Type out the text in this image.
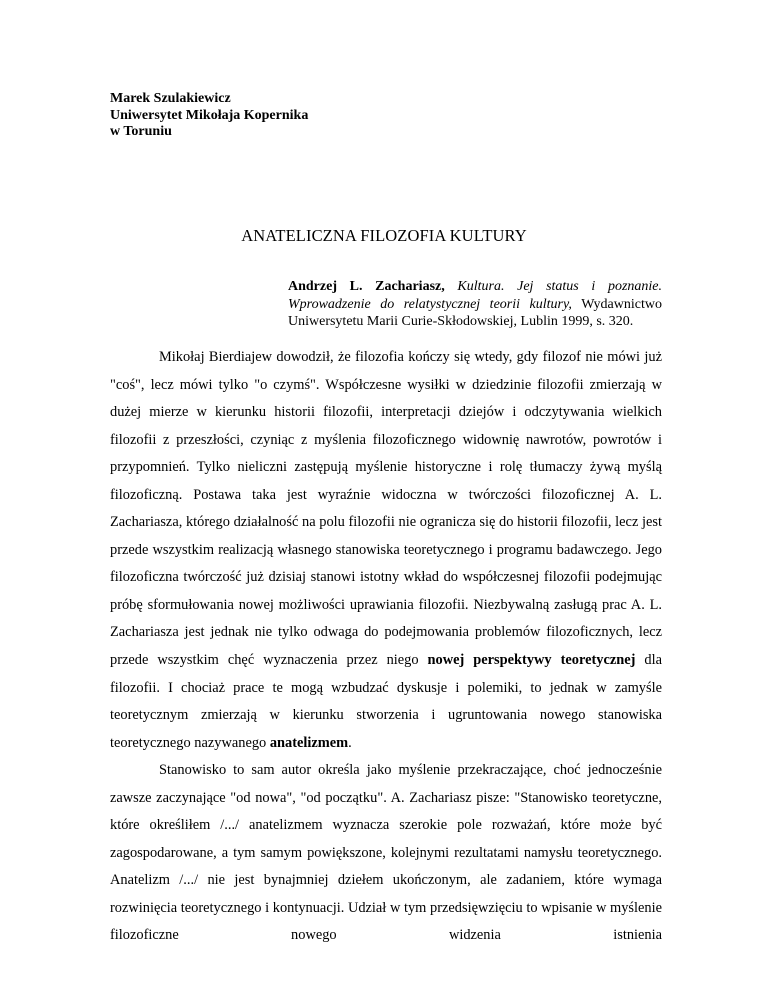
Marek Szulakiewicz
Uniwersytet Mikołaja Kopernika
w Toruniu
ANATELICZNA FILOZOFIA KULTURY
Andrzej L. Zachariasz, Kultura. Jej status i poznanie. Wprowadzenie do relatystycznej teorii kultury, Wydawnictwo Uniwersytetu Marii Curie-Skłodowskiej, Lublin 1999, s. 320.

Mikołaj Bierdiajew dowodził, że filozofia kończy się wtedy, gdy filozof nie mówi już "coś", lecz mówi tylko "o czymś". Współczesne wysiłki w dziedzinie filozofii zmierzają w dużej mierze w kierunku historii filozofii, interpretacji dziejów i odczytywania wielkich filozofii z przeszłości, czyniąc z myślenia filozoficznego widownię nawrotów, powrotów i przypomnień. Tylko nieliczni zastępują myślenie historyczne i rolę tłumaczy żywą myślą filozoficzną. Postawa taka jest wyraźnie widoczna w twórczości filozoficznej A. L. Zachariasza, którego działalność na polu filozofii nie ogranicza się do historii filozofii, lecz jest przede wszystkim realizacją własnego stanowiska teoretycznego i programu badawczego. Jego filozoficzna twórczość już dzisiaj stanowi istotny wkład do współczesnej filozofii podejmując próbę sformułowania nowej możliwości uprawiania filozofii. Niezbywalną zasługą prac A. L. Zachariasza jest jednak nie tylko odwaga do podejmowania problemów filozoficznych, lecz przede wszystkim chęć wyznaczenia przez niego nowej perspektywy teoretycznej dla filozofii. I chociaż prace te mogą wzbudzać dyskusje i polemiki, to jednak w zamyśle teoretycznym zmierzają w kierunku stworzenia i ugruntowania nowego stanowiska teoretycznego nazywanego anatelizmem.

Stanowisko to sam autor określa jako myślenie przekraczające, choć jednocześnie zawsze zaczynające "od nowa", "od początku". A. Zachariasz pisze: "Stanowisko teoretyczne, które określiłem /.../ anatelizmem wyznacza szerokie pole rozważań, które może być zagospodarowane, a tym samym powiększone, kolejnymi rezultatami namysłu teoretycznego. Anatelizm /.../ nie jest bynajmniej dziełem ukończonym, ale zadaniem, które wymaga rozwinięcia teoretycznego i kontynuacji. Udział w tym przedsięwzięciu to wpisanie w myślenie filozoficzne nowego widzenia istnienia
